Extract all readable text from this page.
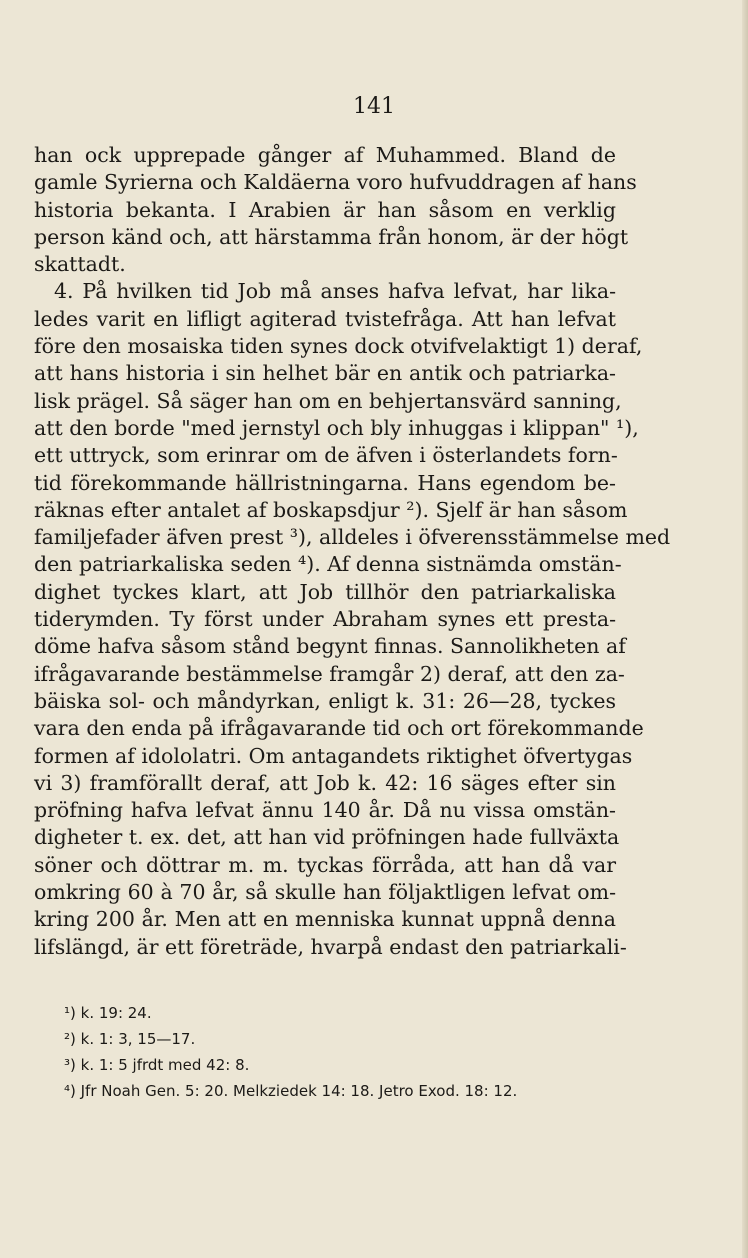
141
han ock upprepade gånger af Muhammed. Bland de
gamle Syrierna och Kaldäerna voro hufvuddragen af hans
historia bekanta. I Arabien är han såsom en verklig
person känd och, att härstamma från honom, är der högt
skattadt.
4. På hvilken tid Job må anses hafva lefvat, har lika-
ledes varit en lifligt agiterad tvistefråga. Att han lefvat
före den mosaiska tiden synes dock otvifvelaktigt 1) deraf,
att hans historia i sin helhet bär en antik och patriarka-
lisk prägel. Så säger han om en behjertansvärd sanning,
att den borde "med jernstyl och bly inhuggas i klippan" ¹),
ett uttryck, som erinrar om de äfven i österlandets forn-
tid förekommande hällristningarna. Hans egendom be-
räknas efter antalet af boskapsdjur ²). Sjelf är han såsom
familjefader äfven prest ³), alldeles i öfverensstämmelse med
den patriarkaliska seden ⁴). Af denna sistnämda omstän-
dighet tyckes klart, att Job tillhör den patriarkaliska
tiderymden. Ty först under Abraham synes ett presta-
döme hafva såsom stånd begynt finnas. Sannolikheten af
ifrågavarande bestämmelse framgår 2) deraf, att den za-
bäiska sol- och måndyrkan, enligt k. 31: 26—28, tyckes
vara den enda på ifrågavarande tid och ort förekommande
formen af idololatri. Om antagandets riktighet öfvertygas
vi 3) framförallt deraf, att Job k. 42: 16 säges efter sin
pröfning hafva lefvat ännu 140 år. Då nu vissa omstän-
digheter t. ex. det, att han vid pröfningen hade fullväxta
söner och döttrar m. m. tyckas förråda, att han då var
omkring 60 à 70 år, så skulle han följaktligen lefvat om-
kring 200 år. Men att en menniska kunnat uppnå denna
lifslängd, är ett företräde, hvarpå endast den patriarkali-
¹) k. 19: 24.
²) k. 1: 3, 15—17.
³) k. 1: 5 jfrdt med 42: 8.
⁴) Jfr Noah Gen. 5: 20. Melkziedek 14: 18. Jetro Exod. 18: 12.
